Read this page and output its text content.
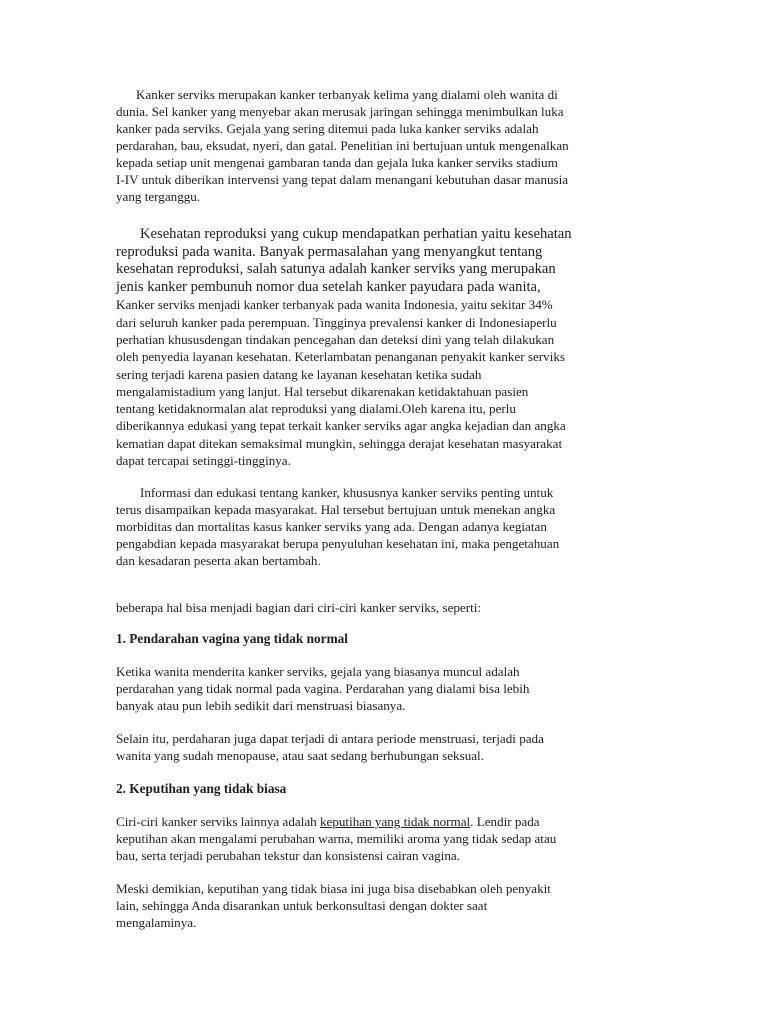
Kanker serviks merupakan kanker terbanyak kelima yang dialami oleh wanita di
dunia. Sel kanker yang menyebar akan merusak jaringan sehingga menimbulkan luka
kanker pada serviks. Gejala yang sering ditemui pada luka kanker serviks adalah
perdarahan, bau, eksudat, nyeri, dan gatal. Penelitian ini bertujuan untuk mengenalkan
kepada setiap unit mengenai gambaran tanda dan gejala luka kanker serviks stadium
I-IV untuk diberikan intervensi yang tepat dalam menangani kebutuhan dasar manusia
yang terganggu.
Kesehatan reproduksi yang cukup mendapatkan perhatian yaitu kesehatan
reproduksi pada wanita. Banyak permasalahan yang menyangkut tentang
kesehatan reproduksi, salah satunya adalah kanker serviks yang merupakan
jenis kanker pembunuh nomor dua setelah kanker payudara pada wanita,
Kanker serviks menjadi kanker terbanyak pada wanita Indonesia, yaitu sekitar 34%
dari seluruh kanker pada perempuan. Tingginya prevalensi kanker di Indonesiaperlu
perhatian khususdengan tindakan pencegahan dan deteksi dini yang telah dilakukan
oleh penyedia layanan kesehatan. Keterlambatan penanganan penyakit kanker serviks
sering terjadi karena pasien datang ke layanan kesehatan ketika sudah
mengalamistadium yang lanjut. Hal tersebut dikarenakan ketidaktahuan pasien
tentang ketidaknormalan alat reproduksi yang dialami.Oleh karena itu, perlu
diberikannya edukasi yang tepat terkait kanker serviks agar angka kejadian dan angka
kematian dapat ditekan semaksimal mungkin, sehingga derajat kesehatan masyarakat
dapat tercapai setinggi-tingginya.
Informasi dan edukasi tentang kanker, khususnya kanker serviks penting untuk
terus disampaikan kepada masyarakat. Hal tersebut bertujuan untuk menekan angka
morbiditas dan mortalitas kasus kanker serviks yang ada. Dengan adanya kegiatan
pengabdian kepada masyarakat berupa penyuluhan kesehatan ini, maka pengetahuan
dan kesadaran peserta akan bertambah.
beberapa hal bisa menjadi bagian dari ciri-ciri kanker serviks, seperti:
1. Pendarahan vagina yang tidak normal
Ketika wanita menderita kanker serviks, gejala yang biasanya muncul adalah
perdarahan yang tidak normal pada vagina. Perdarahan yang dialami bisa lebih
banyak atau pun lebih sedikit dari menstruasi biasanya.
Selain itu, perdaharan juga dapat terjadi di antara periode menstruasi, terjadi pada
wanita yang sudah menopause, atau saat sedang berhubungan seksual.
2. Keputihan yang tidak biasa
Ciri-ciri kanker serviks lainnya adalah keputihan yang tidak normal. Lendir pada
keputihan akan mengalami perubahan warna, memiliki aroma yang tidak sedap atau
bau, serta terjadi perubahan tekstur dan konsistensi cairan vagina.
Meski demikian, keputihan yang tidak biasa ini juga bisa disebabkan oleh penyakit
lain, sehingga Anda disarankan untuk berkonsultasi dengan dokter saat
mengalaminya.
